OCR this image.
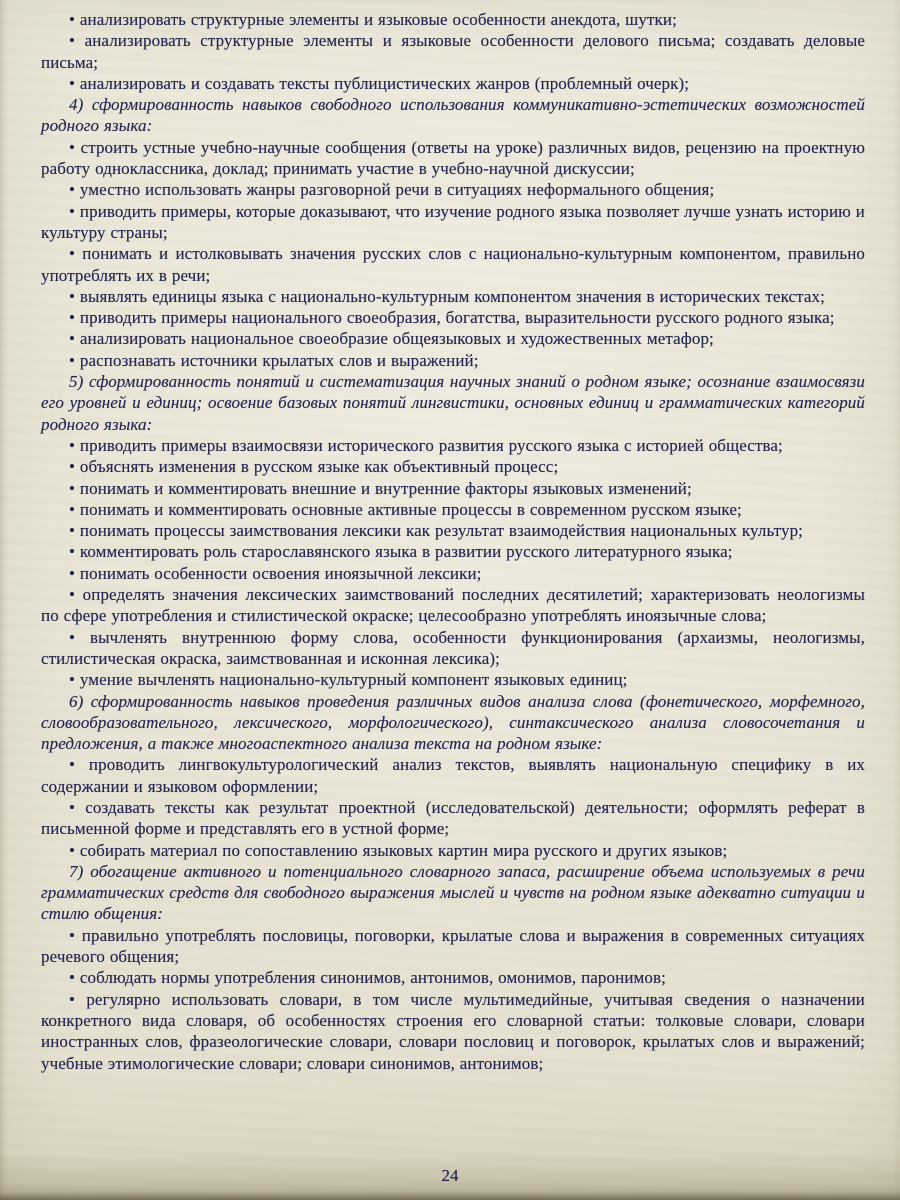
• анализировать структурные элементы и языковые особенности анекдота, шутки;

• анализировать структурные элементы и языковые особенности делового письма; создавать деловые письма;

• анализировать и создавать тексты публицистических жанров (проблемный очерк);

4) сформированность навыков свободного использования коммуникативно-эстетических возможностей родного языка:

• строить устные учебно-научные сообщения (ответы на уроке) различных видов, рецензию на проектную работу одноклассника, доклад; принимать участие в учебно-научной дискуссии;

• уместно использовать жанры разговорной речи в ситуациях неформального общения;

• приводить примеры, которые доказывают, что изучение родного языка позволяет лучше узнать историю и культуру страны;

• понимать и истолковывать значения русских слов с национально-культурным компонентом, правильно употреблять их в речи;

• выявлять единицы языка с национально-культурным компонентом значения в исторических текстах;

• приводить примеры национального своеобразия, богатства, выразительности русского родного языка;

• анализировать национальное своеобразие общеязыковых и художественных метафор;

• распознавать источники крылатых слов и выражений;

5) сформированность понятий и систематизация научных знаний о родном языке; осознание взаимосвязи его уровней и единиц; освоение базовых понятий лингвистики, основных единиц и грамматических категорий родного языка:

• приводить примеры взаимосвязи исторического развития русского языка с историей общества;

• объяснять изменения в русском языке как объективный процесс;

• понимать и комментировать внешние и внутренние факторы языковых изменений;

• понимать и комментировать основные активные процессы в современном русском языке;

• понимать процессы заимствования лексики как результат взаимодействия национальных культур;

• комментировать роль старославянского языка в развитии русского литературного языка;

• понимать особенности освоения иноязычной лексики;

• определять значения лексических заимствований последних десятилетий; характеризовать неологизмы по сфере употребления и стилистической окраске; целесообразно употреблять иноязычные слова;

• вычленять внутреннюю форму слова, особенности функционирования (архаизмы, неологизмы, стилистическая окраска, заимствованная и исконная лексика);

• умение вычленять национально-культурный компонент языковых единиц;

6) сформированность навыков проведения различных видов анализа слова (фонетического, морфемного, словообразовательного, лексического, морфологического), синтаксического анализа словосочетания и предложения, а также многоаспектного анализа текста на родном языке:

• проводить лингвокультурологический анализ текстов, выявлять национальную специфику в их содержании и языковом оформлении;

• создавать тексты как результат проектной (исследовательской) деятельности; оформлять реферат в письменной форме и представлять его в устной форме;

• собирать материал по сопоставлению языковых картин мира русского и других языков;

7) обогащение активного и потенциального словарного запаса, расширение объема используемых в речи грамматических средств для свободного выражения мыслей и чувств на родном языке адекватно ситуации и стилю общения:

• правильно употреблять пословицы, поговорки, крылатые слова и выражения в современных ситуациях речевого общения;

• соблюдать нормы употребления синонимов, антонимов, омонимов, паронимов;

• регулярно использовать словари, в том числе мультимедийные, учитывая сведения о назначении конкретного вида словаря, об особенностях строения его словарной статьи: толковые словари, словари иностранных слов, фразеологические словари, словари пословиц и поговорок, крылатых слов и выражений; учебные этимологические словари; словари синонимов, антонимов;

24
